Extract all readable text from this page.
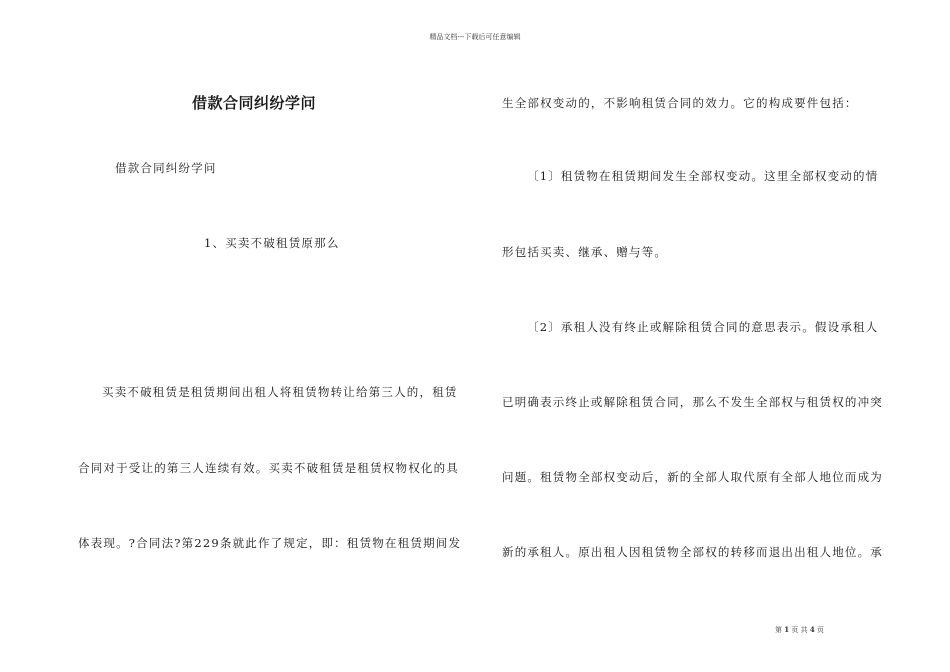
精品文档---下载后可任意编辑
借款合同纠纷学问
借款合同纠纷学问
1、买卖不破租赁原那么
买卖不破租赁是租赁期间出租人将租赁物转让给第三人的，租赁
合同对于受让的第三人连续有效。买卖不破租赁是租赁权物权化的具
体表现。?合同法?第229条就此作了规定，即：租赁物在租赁期间发
生全部权变动的，不影响租赁合同的效力。它的构成要件包括：
〔1〕租赁物在租赁期间发生全部权变动。这里全部权变动的情
形包括买卖、继承、赠与等。
〔2〕承租人没有终止或解除租赁合同的意思表示。假设承租人
已明确表示终止或解除租赁合同，那么不发生全部权与租赁权的冲突
问题。租赁物全部权变动后，新的全部人取代原有全部人地位而成为
新的承租人。原出租人因租赁物全部权的转移而退出出租人地位。承
第 1 页 共 4 页
